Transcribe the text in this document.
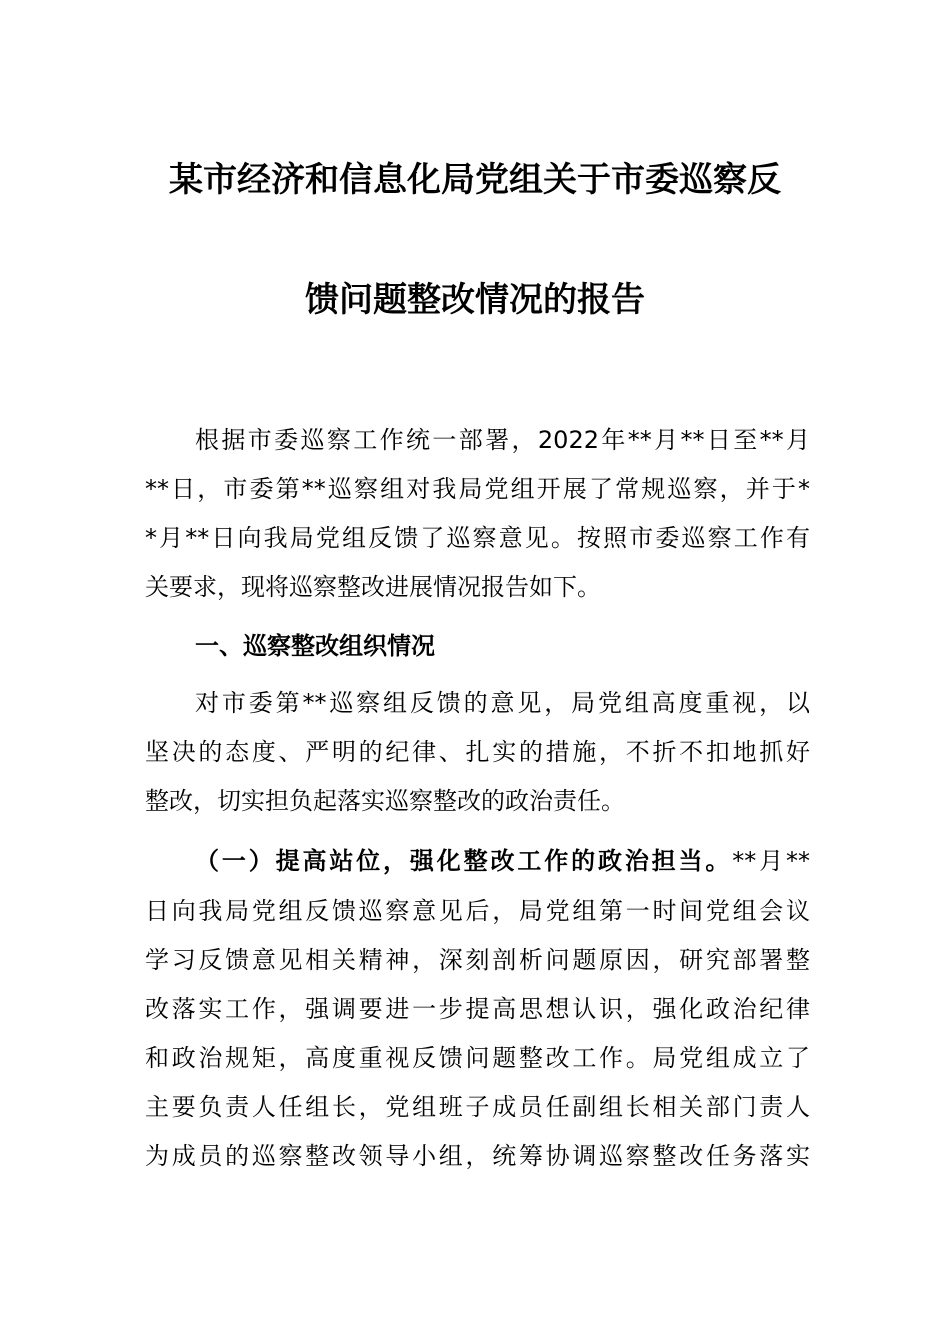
某市经济和信息化局党组关于市委巡察反
馈问题整改情况的报告
根据市委巡察工作统一部署，2022年**月**日至**月
**日，市委第**巡察组对我局党组开展了常规巡察，并于*
*月**日向我局党组反馈了巡察意见。按照市委巡察工作有
关要求，现将巡察整改进展情况报告如下。
一、巡察整改组织情况
对市委第**巡察组反馈的意见，局党组高度重视，以
坚决的态度、严明的纪律、扎实的措施，不折不扣地抓好
整改，切实担负起落实巡察整改的政治责任。
（一）提高站位，强化整改工作的政治担当。**月**
日向我局党组反馈巡察意见后，局党组第一时间党组会议
学习反馈意见相关精神，深刻剖析问题原因，研究部署整
改落实工作，强调要进一步提高思想认识，强化政治纪律
和政治规矩，高度重视反馈问题整改工作。局党组成立了
主要负责人任组长，党组班子成员任副组长相关部门责人
为成员的巡察整改领导小组，统筹协调巡察整改任务落实
